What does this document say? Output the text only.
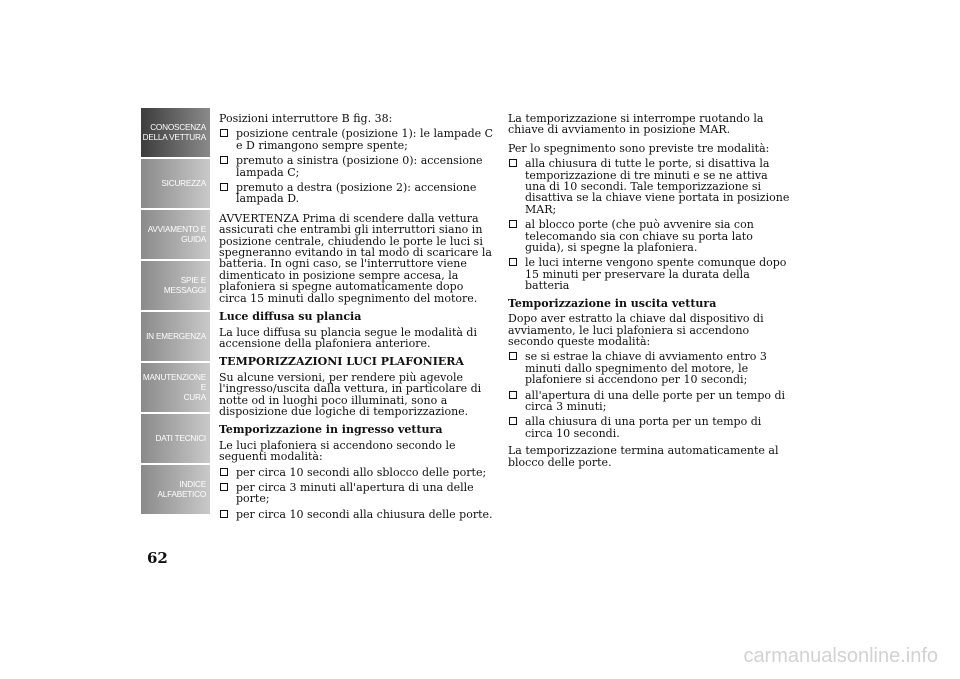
CONOSCENZA
DELLA VETTURA
SICUREZZA
AVVIAMENTO E
GUIDA
SPIE E MESSAGGI
IN EMERGENZA
MANUTENZIONE E
CURA
DATI TECNICI
INDICE
ALFABETICO
62
Posizioni interruttore B fig. 38:
posizione centrale (posizione 1): le lampade C e D rimangono sempre spente;
premuto a sinistra (posizione 0): accensione lampada C;
premuto a destra (posizione 2): accensione lampada D.
AVVERTENZA Prima di scendere dalla vettura assicurati che entrambi gli interruttori siano in posizione centrale, chiudendo le porte le luci si spegneranno evitando in tal modo di scaricare la batteria. In ogni caso, se l'interruttore viene dimenticato in posizione sempre accesa, la plafoniera si spegne automaticamente dopo circa 15 minuti dallo spegnimento del motore.
Luce diffusa su plancia
La luce diffusa su plancia segue le modalità di accensione della plafoniera anteriore.
TEMPORIZZAZIONI LUCI PLAFONIERA
Su alcune versioni, per rendere più agevole l'ingresso/uscita dalla vettura, in particolare di notte od in luoghi poco illuminati, sono a disposizione due logiche di temporizzazione.
Temporizzazione in ingresso vettura
Le luci plafoniera si accendono secondo le seguenti modalità:
per circa 10 secondi allo sblocco delle porte;
per circa 3 minuti all'apertura di una delle porte;
per circa 10 secondi alla chiusura delle porte.
La temporizzazione si interrompe ruotando la chiave di avviamento in posizione MAR.
Per lo spegnimento sono previste tre modalità:
alla chiusura di tutte le porte, si disattiva la temporizzazione di tre minuti e se ne attiva una di 10 secondi. Tale temporizzazione si disattiva se la chiave viene portata in posizione MAR;
al blocco porte (che può avvenire sia con telecomando sia con chiave su porta lato guida), si spegne la plafoniera.
le luci interne vengono spente comunque dopo 15 minuti per preservare la durata della batteria
Temporizzazione in uscita vettura
Dopo aver estratto la chiave dal dispositivo di avviamento, le luci plafoniera si accendono secondo queste modalità:
se si estrae la chiave di avviamento entro 3 minuti dallo spegnimento del motore, le plafoniere si accendono per 10 secondi;
all'apertura di una delle porte per un tempo di circa 3 minuti;
alla chiusura di una porta per un tempo di circa 10 secondi.
La temporizzazione termina automaticamente al blocco delle porte.
carmanualsonline.info
